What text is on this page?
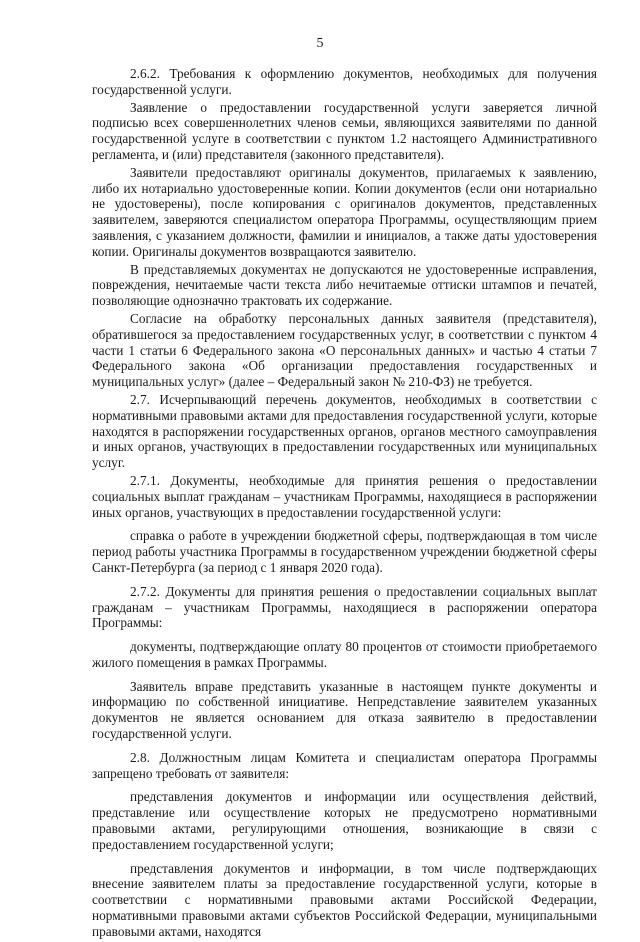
5

2.6.2. Требования к оформлению документов, необходимых для получения государственной услуги.

Заявление о предоставлении государственной услуги заверяется личной подписью всех совершеннолетних членов семьи, являющихся заявителями по данной государственной услуге в соответствии с пунктом 1.2 настоящего Административного регламента, и (или) представителя (законного представителя).

Заявители предоставляют оригиналы документов, прилагаемых к заявлению, либо их нотариально удостоверенные копии. Копии документов (если они нотариально не удостоверены), после копирования с оригиналов документов, представленных заявителем, заверяются специалистом оператора Программы, осуществляющим прием заявления, с указанием должности, фамилии и инициалов, а также даты удостоверения копии. Оригиналы документов возвращаются заявителю.

В представляемых документах не допускаются не удостоверенные исправления, повреждения, нечитаемые части текста либо нечитаемые оттиски штампов и печатей, позволяющие однозначно трактовать их содержание.

Согласие на обработку персональных данных заявителя (представителя), обратившегося за предоставлением государственных услуг, в соответствии с пунктом 4 части 1 статьи 6 Федерального закона «О персональных данных» и частью 4 статьи 7 Федерального закона «Об организации предоставления государственных и муниципальных услуг» (далее – Федеральный закон № 210-ФЗ) не требуется.

2.7. Исчерпывающий перечень документов, необходимых в соответствии с нормативными правовыми актами для предоставления государственной услуги, которые находятся в распоряжении государственных органов, органов местного самоуправления и иных органов, участвующих в предоставлении государственных или муниципальных услуг.

2.7.1. Документы, необходимые для принятия решения о предоставлении социальных выплат гражданам – участникам Программы, находящиеся в распоряжении иных органов, участвующих в предоставлении государственной услуги:

справка о работе в учреждении бюджетной сферы, подтверждающая в том числе период работы участника Программы в государственном учреждении бюджетной сферы Санкт-Петербурга (за период с 1 января 2020 года).

2.7.2. Документы для принятия решения о предоставлении социальных выплат гражданам – участникам Программы, находящиеся в распоряжении оператора Программы:

документы, подтверждающие оплату 80 процентов от стоимости приобретаемого жилого помещения в рамках Программы.

Заявитель вправе представить указанные в настоящем пункте документы и информацию по собственной инициативе. Непредставление заявителем указанных документов не является основанием для отказа заявителю в предоставлении государственной услуги.

2.8. Должностным лицам Комитета и специалистам оператора Программы запрещено требовать от заявителя:

представления документов и информации или осуществления действий, представление или осуществление которых не предусмотрено нормативными правовыми актами, регулирующими отношения, возникающие в связи с предоставлением государственной услуги;

представления документов и информации, в том числе подтверждающих внесение заявителем платы за предоставление государственной услуги, которые в соответствии с нормативными правовыми актами Российской Федерации, нормативными правовыми актами субъектов Российской Федерации, муниципальными правовыми актами, находятся
